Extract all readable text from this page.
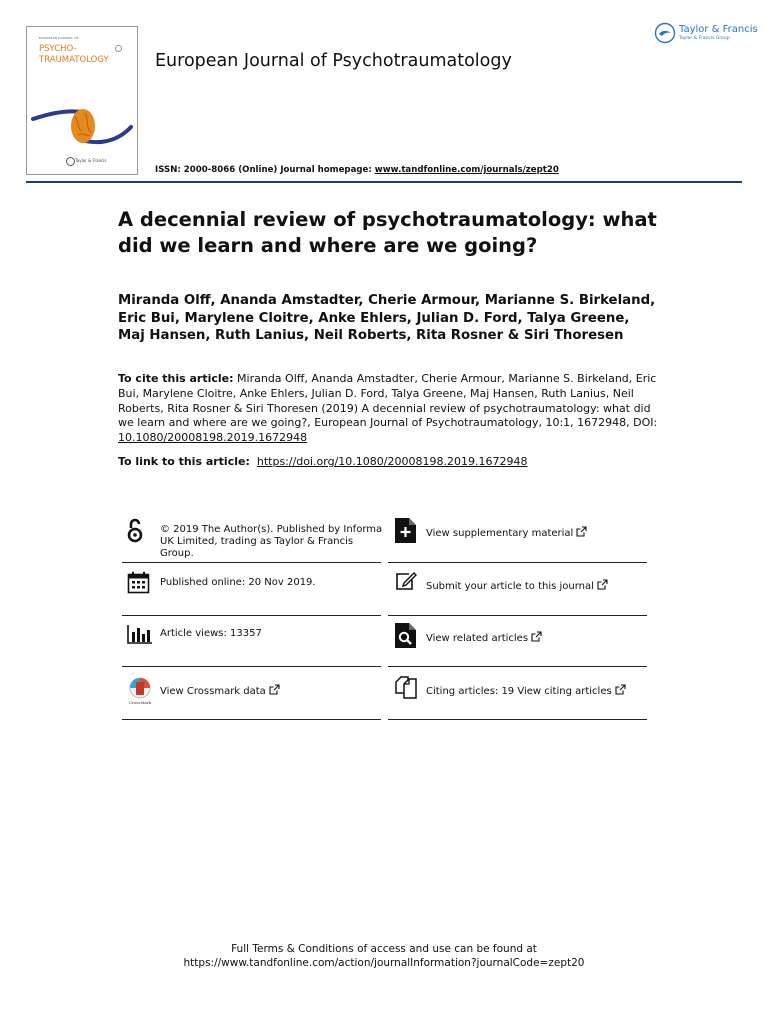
EUROPEAN JOURNAL OF
PSYCHO-
TRAUMATOLOGY
Taylor & Francis
European Journal of Psychotraumatology
Taylor & Francis
Taylor & Francis Group
ISSN: 2000-8066 (Online) Journal homepage: www.tandfonline.com/journals/zept20
A decennial review of psychotraumatology: what did we learn and where are we going?
Miranda Olff, Ananda Amstadter, Cherie Armour, Marianne S. Birkeland, Eric Bui, Marylene Cloitre, Anke Ehlers, Julian D. Ford, Talya Greene, Maj Hansen, Ruth Lanius, Neil Roberts, Rita Rosner & Siri Thoresen
To cite this article: Miranda Olff, Ananda Amstadter, Cherie Armour, Marianne S. Birkeland, Eric Bui, Marylene Cloitre, Anke Ehlers, Julian D. Ford, Talya Greene, Maj Hansen, Ruth Lanius, Neil Roberts, Rita Rosner & Siri Thoresen (2019) A decennial review of psychotraumatology: what did we learn and where are we going?, European Journal of Psychotraumatology, 10:1, 1672948, DOI: 10.1080/20008198.2019.1672948
To link to this article: https://doi.org/10.1080/20008198.2019.1672948
© 2019 The Author(s). Published by Informa UK Limited, trading as Taylor & Francis Group.
Published online: 20 Nov 2019.
Article views: 13357
CrossMark
View Crossmark data
View supplementary material
Submit your article to this journal
View related articles
Citing articles: 19 View citing articles
Full Terms & Conditions of access and use can be found at
https://www.tandfonline.com/action/journalInformation?journalCode=zept20
